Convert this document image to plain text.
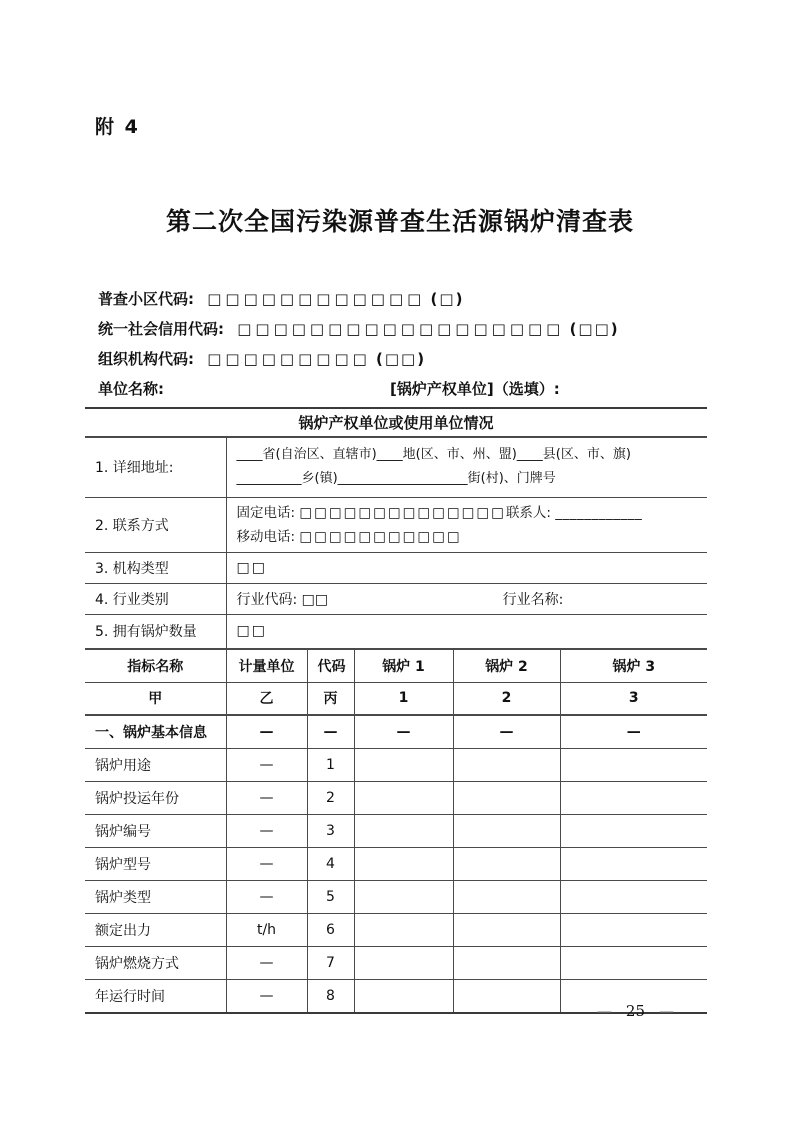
附 4
第二次全国污染源普查生活源锅炉清查表
普查小区代码: □□□□□□□□□□□□ (□)
统一社会信用代码: □□□□□□□□□□□□□□□□□□ (□□)
组织机构代码: □□□□□□□□□ (□□)
单位名称:	[锅炉产权单位]（选填）:
锅炉产权单位或使用单位情况					
1. 详细地址:	____省(自治区、直辖市)____地(区、市、州、盟)____县(区、市、旗)
__________乡(镇)____________________街(村)、门牌号				

2. 联系方式	固定电话: □□□□□□□□□□□□□□联系人: ____________
移动电话: □□□□□□□□□□□				

3. 机构类型	□□				
4. 行业类别	行业代码: □□ 行业名称:				
5. 拥有锅炉数量	□□				
指标名称	计量单位	代码	锅炉 1	锅炉 2	锅炉 3
甲	乙	丙	1	2	3
一、锅炉基本信息	—	—	—	—	—
锅炉用途	—	1			
锅炉投运年份	—	2			
锅炉编号	—	3			
锅炉型号	—	4			
锅炉类型	—	5			
额定出力	t/h	6			
锅炉燃烧方式	—	7			
年运行时间	—	8			
— 25 —
